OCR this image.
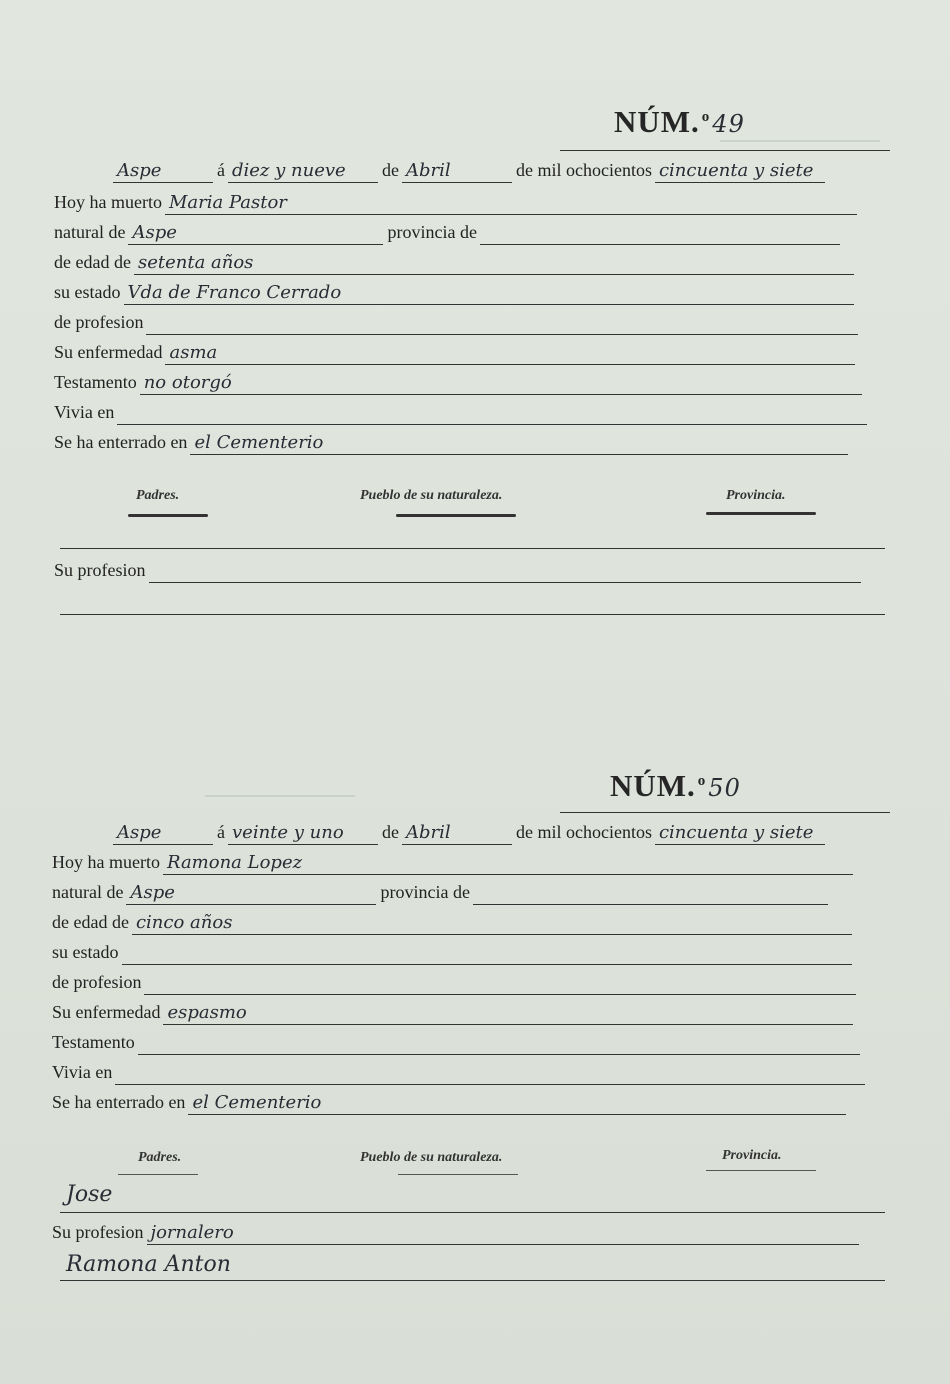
NÚM. $^o$49
Aspe	á diez y nueve de Abril	de mil ochocientos cincuenta y siete
Hoy ha muerto Maria Pastor
natural de Aspe	provincia de
de edad de setenta años
su estado Vda de Franco Cerrado
de profesion
Su enfermedad asma
Testamento no otorgó
Vivia en
Se ha enterrado en el Cementerio
Padres.	Pueblo de su naturaleza.	Provincia.
Su profesion
NÚM. $^o$50
Aspe	á veinte y uno de Abril	de mil ochocientos cincuenta y siete
Hoy ha muerto Ramona Lopez
natural de Aspe	provincia de
de edad de cinco años
su estado
de profesion
Su enfermedad espasmo
Testamento
Vivia en
Se ha enterrado en el Cementerio
Padres.	Pueblo de su naturaleza.	Provincia.
Jose
Su profesion jornalero
Ramona Anton
